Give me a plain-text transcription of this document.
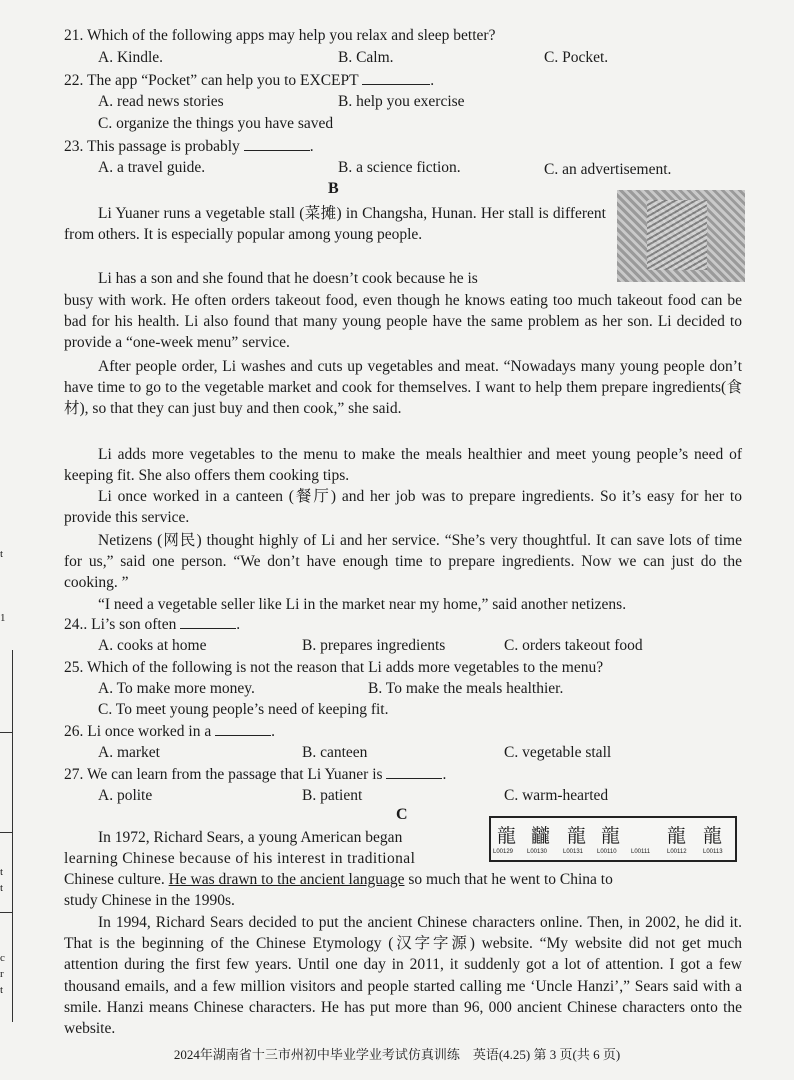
t
1
t
t
c
r
t
21. Which of the following apps may help you relax and sleep better?
A. Kindle.	B. Calm.	C. Pocket.
22. The app “Pocket” can help you to EXCEPT	.
A. read news stories	B. help you exercise
C. organize the things you have saved
23. This passage is probably	.
A. a travel guide.	B. a science fiction.	C. an advertisement.
B
Li Yuaner runs a vegetable stall (菜摊) in Changsha, Hunan. Her stall is different from others. It is especially popular among young people.
Li has a son and she found that he doesn’t cook because he is
busy with work. He often orders takeout food, even though he knows eating too much takeout food can be bad for his health. Li also found that many young people have the same problem as her son. Li decided to provide a “one-week menu” service.
After people order, Li washes and cuts up vegetables and meat. “Nowadays many young people don’t have time to go to the vegetable market and cook for themselves. I want to help them prepare ingredients(食材), so that they can just buy and then cook,” she said.
Li adds more vegetables to the menu to make the meals healthier and meet young people’s need of keeping fit. She also offers them cooking tips.
Li once worked in a canteen (餐厅) and her job was to prepare ingredients. So it’s easy for her to provide this service.
Netizens (网民) thought highly of Li and her service. “She’s very thoughtful. It can save lots of time for us,” said one person. “We don’t have enough time to prepare ingredients. Now we can just do the cooking. ”
“I need a vegetable seller like Li in the market near my home,” said another netizens.
24.. Li’s son often	.
A. cooks at home	B. prepares ingredients	C. orders takeout food
25. Which of the following is not the reason that Li adds more vegetables to the menu?
A. To make more money.	B. To make the meals healthier.
C. To meet young people’s need of keeping fit.
26. Li once worked in a	.
A. market	B. canteen	C. vegetable stall
27. We can learn from the passage that Li Yuaner is	.
A. polite	B. patient	C. warm-hearted
C
龍 龖 龍 龍 龍 龍
L00129 L00130	L00131 L00110 L00111	L00112	L00113
In 1972, Richard Sears, a young American began
learning Chinese because of his interest in traditional
Chinese culture. He was drawn to the ancient language so much that he went to China to
study Chinese in the 1990s.
In 1994, Richard Sears decided to put the ancient Chinese characters online. Then, in 2002, he did it. That is the beginning of the Chinese Etymology (汉字字源) website. “My website did not get much attention during the first few years. Until one day in 2011, it suddenly got a lot of attention. I got a few thousand emails, and a few million visitors and people started calling me ‘Uncle Hanzi’,” Sears said with a smile. Hanzi means Chinese characters. He has put more than 96, 000 ancient Chinese characters onto the website.
2024年湖南省十三市州初中毕业学业考试仿真训练　英语(4.25) 第 3 页(共 6 页)
